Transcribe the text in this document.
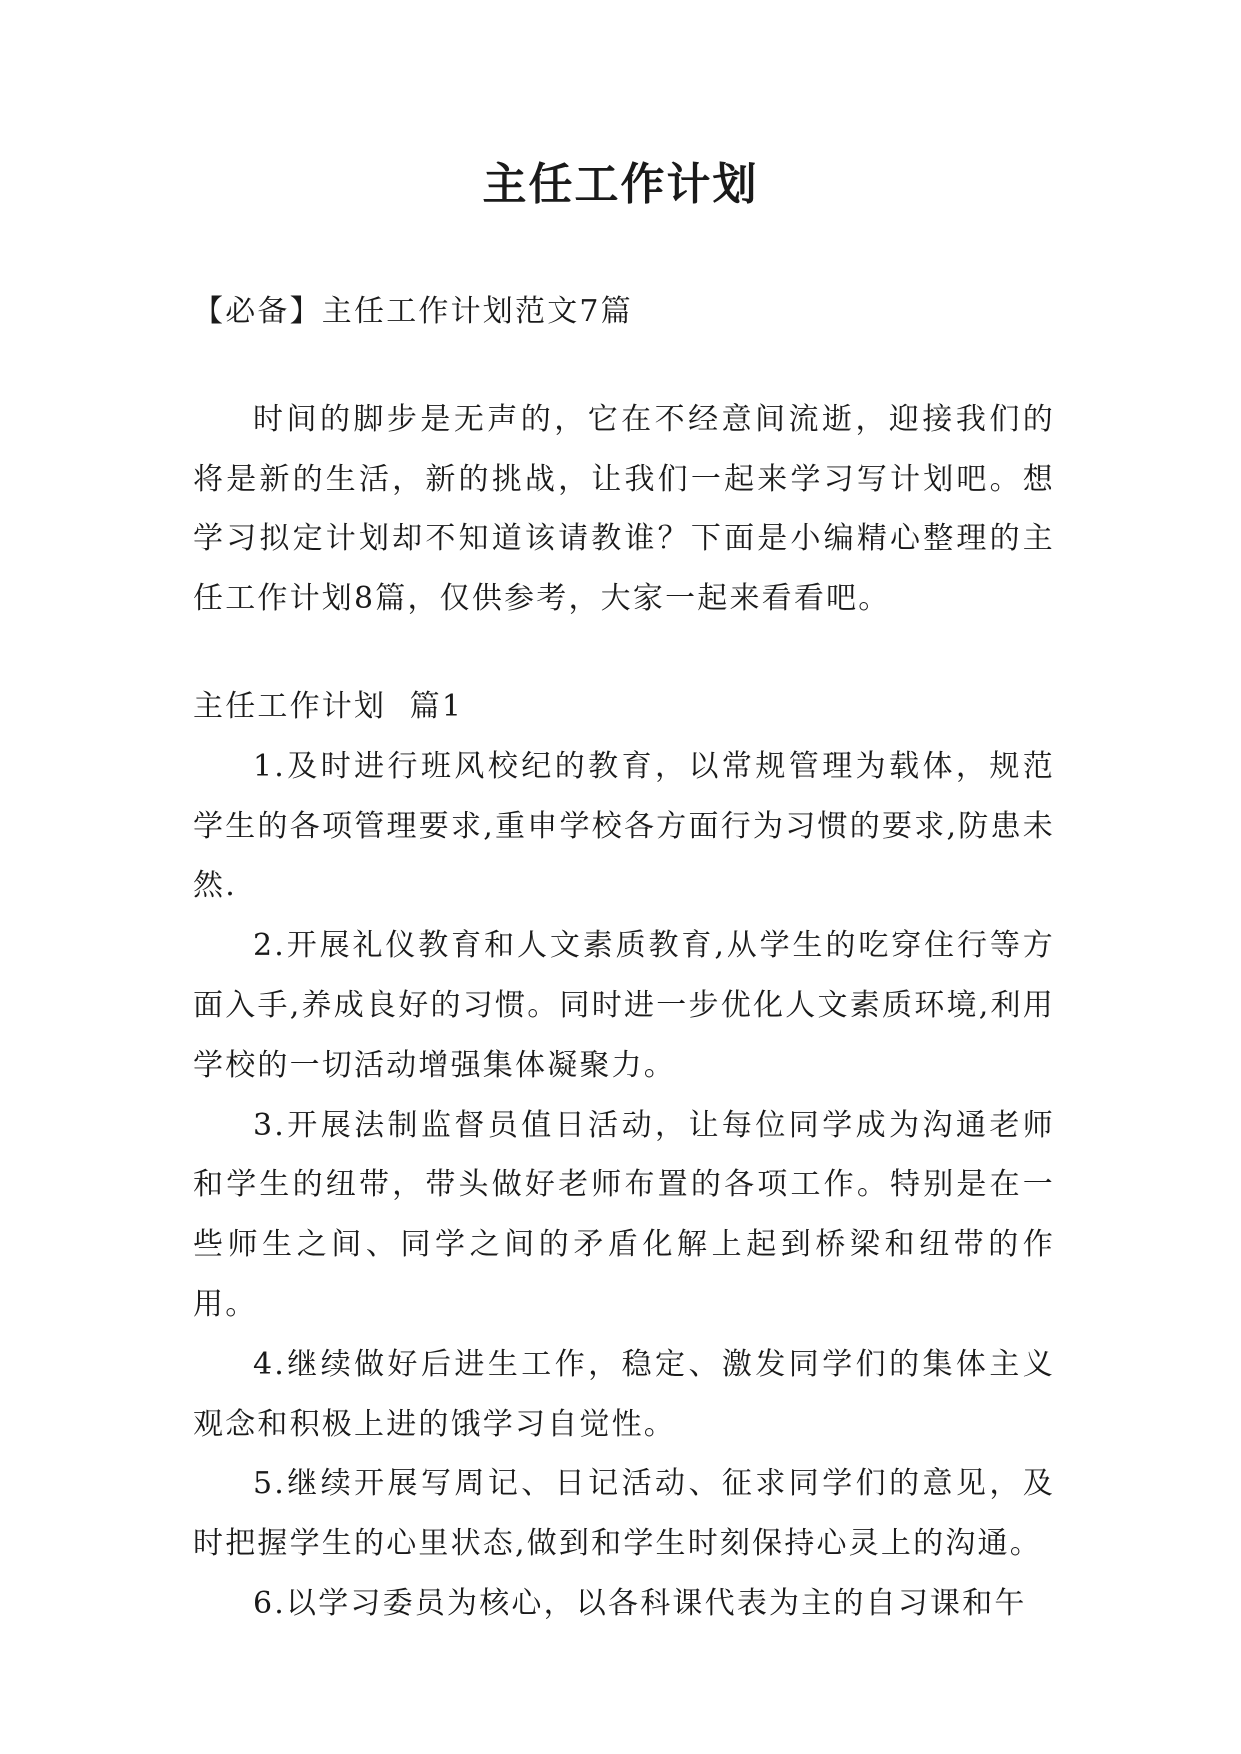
主任工作计划

【必备】主任工作计划范文7篇

时间的脚步是无声的，它在不经意间流逝，迎接我们的将是新的生活，新的挑战，让我们一起来学习写计划吧。想学习拟定计划却不知道该请教谁？下面是小编精心整理的主任工作计划8篇，仅供参考，大家一起来看看吧。

主任工作计划  篇1

1.及时进行班风校纪的教育，以常规管理为载体，规范学生的各项管理要求,重申学校各方面行为习惯的要求,防患未然.

2.开展礼仪教育和人文素质教育,从学生的吃穿住行等方面入手,养成良好的习惯。同时进一步优化人文素质环境,利用学校的一切活动增强集体凝聚力。

3.开展法制监督员值日活动，让每位同学成为沟通老师和学生的纽带，带头做好老师布置的各项工作。特别是在一些师生之间、同学之间的矛盾化解上起到桥梁和纽带的作用。

4.继续做好后进生工作，稳定、激发同学们的集体主义观念和积极上进的饿学习自觉性。

5.继续开展写周记、日记活动、征求同学们的意见，及时把握学生的心里状态,做到和学生时刻保持心灵上的沟通。

6.以学习委员为核心，以各科课代表为主的自习课和午
